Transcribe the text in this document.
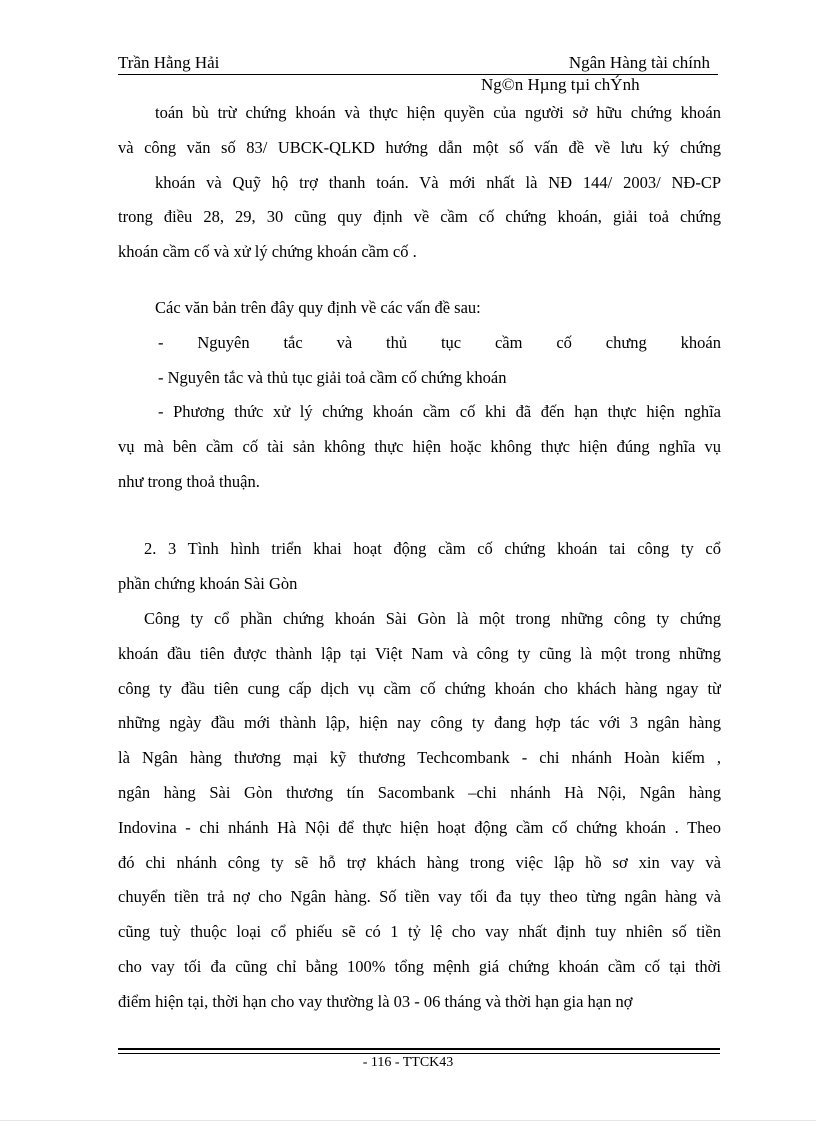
Trần Hằng Hải	Ngân Hàng tài chính
Ng©n Hµng tµi chÝnh
toán bù trừ chứng khoán và thực hiện quyền của người sở hữu chứng khoán
và công văn số 83/ UBCK-QLKD hướng dẫn một số vấn đề về lưu ký chứng
khoán và Quỹ hộ trợ thanh toán. Và mới nhất là NĐ 144/ 2003/ NĐ-CP
trong điều 28, 29, 30 cũng quy định về cầm cố chứng khoán, giải toả chứng
khoán cầm cố và xử lý chứng khoán cầm cố .
Các văn bản trên đây quy định về các vấn đề sau:
- Nguyên tắc và thủ tục cầm cố chưng khoán
- Nguyên tắc và thủ tục giải toả cầm cố chứng khoán
- Phương thức xử lý chứng khoán cầm cố khi đã đến hạn thực hiện nghĩa
vụ mà bên cầm cố tài sản không thực hiện hoặc không thực hiện đúng nghĩa vụ
như trong thoả thuận.
2. 3 Tình hình triển khai hoạt động cầm cố chứng khoán tai công ty cổ
phần chứng khoán Sài Gòn
Công ty cổ phần chứng khoán Sài Gòn là một trong những công ty chứng
khoán đầu tiên được thành lập tại Việt Nam và công ty cũng là một trong những
công ty đầu tiên cung cấp dịch vụ cầm cố chứng khoán cho khách hàng ngay từ
những ngày đầu mới thành lập, hiện nay công ty đang hợp tác với 3 ngân hàng
là Ngân hàng thương mại kỹ thương Techcombank - chi nhánh Hoàn kiếm ,
ngân hàng Sài Gòn thương tín Sacombank –chi nhánh Hà Nội, Ngân hàng
Indovina - chi nhánh Hà Nội để thực hiện hoạt động cầm cố chứng khoán . Theo
đó chi nhánh công ty sẽ hỗ trợ khách hàng trong việc lập hồ sơ xin vay và
chuyển tiền trả nợ cho Ngân hàng. Số tiền vay tối đa tụy theo từng ngân hàng và
cũng tuỳ thuộc loại cổ phiếu sẽ có 1 tỷ lệ cho vay nhất định tuy nhiên số tiền
cho vay tối đa cũng chỉ bằng 100% tổng mệnh giá chứng khoán cầm cố tại thời
điểm hiện tại, thời hạn cho vay thường là 03 - 06 tháng và thời hạn gia hạn nợ
- 116 - TTCK43
